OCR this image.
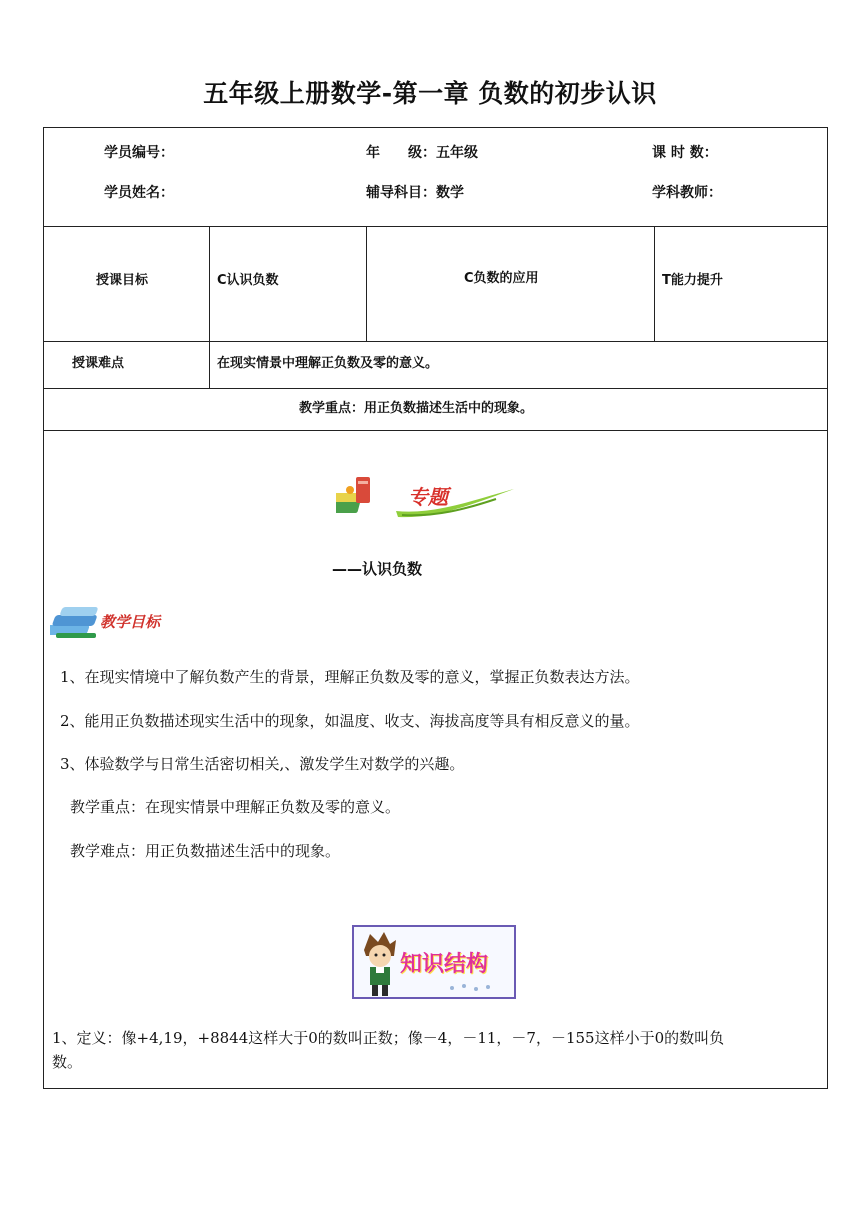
五年级上册数学-第一章 负数的初步认识
学员编号：	年　　级：五年级	课 时 数：
学员姓名：	辅导科目：数学	学科教师：
授课目标	C认识负数	C负数的应用	T能力提升
授课难点	在现实情景中理解正负数及零的意义。
教学重点：用正负数描述生活中的现象。
专题
——认识负数
教学目标
1、在现实情境中了解负数产生的背景，理解正负数及零的意义，掌握正负数表达方法。
2、能用正负数描述现实生活中的现象，如温度、收支、海拔高度等具有相反意义的量。
3、体验数学与日常生活密切相关,、激发学生对数学的兴趣。
教学重点：在现实情景中理解正负数及零的意义。
教学难点：用正负数描述生活中的现象。
知识结构
1、定义：像+4,19，+8844这样大于0的数叫正数；像－4，－11，－7，－155这样小于0的数叫负
数。
